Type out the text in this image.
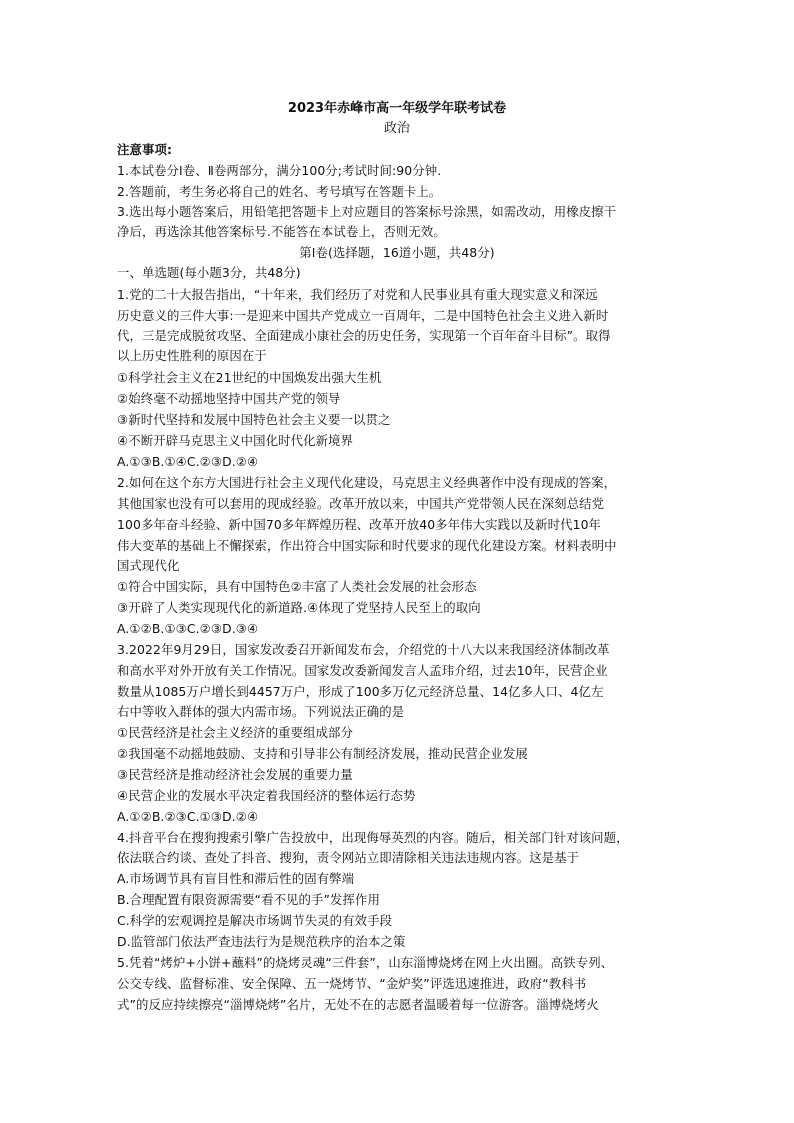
2023年赤峰市高一年级学年联考试卷
政治
注意事项:
1.本试卷分Ⅰ卷、Ⅱ卷两部分，满分100分;考试时间:90分钟.
2.答题前，考生务必将自己的姓名、考号填写在答题卡上。
3.选出每小题答案后，用铅笔把答题卡上对应题目的答案标号涂黑，如需改动，用橡皮擦干
净后，再选涂其他答案标号.不能答在本试卷上，否则无效。
第Ⅰ卷(选择题，16道小题，共48分)
一、单选题(每小题3分，共48分)
1.党的二十大报告指出，“十年来，我们经历了对党和人民事业具有重大现实意义和深远
历史意义的三件大事:一是迎来中国共产党成立一百周年，二是中国特色社会主义进入新时
代，三是完成脱贫攻坚、全面建成小康社会的历史任务，实现第一个百年奋斗目标”。取得
以上历史性胜利的原因在于
①科学社会主义在21世纪的中国焕发出强大生机
②始终毫不动摇地坚持中国共产党的领导
③新时代坚持和发展中国特色社会主义要一以贯之
④不断开辟马克思主义中国化时代化新境界
A.①③B.①④C.②③D.②④
2.如何在这个东方大国进行社会主义现代化建设，马克思主义经典著作中没有现成的答案，
其他国家也没有可以套用的现成经验。改革开放以来，中国共产党带领人民在深刻总结党
100多年奋斗经验、新中国70多年辉煌历程、改革开放40多年伟大实践以及新时代10年
伟大变革的基础上不懈探索，作出符合中国实际和时代要求的现代化建设方案。材料表明中
国式现代化
①符合中国实际，具有中国特色②丰富了人类社会发展的社会形态
③开辟了人类实现现代化的新道路.④体现了党坚持人民至上的取向
A.①②B.①③C.②③D.③④
3.2022年9月29日，国家发改委召开新闻发布会，介绍党的十八大以来我国经济体制改革
和高水平对外开放有关工作情况。国家发改委新闻发言人孟玮介绍，过去10年，民营企业
数量从1085万户增长到4457万户，形成了100多万亿元经济总量、14亿多人口、4亿左
右中等收入群体的强大内需市场。下列说法正确的是
①民营经济是社会主义经济的重要组成部分
②我国毫不动摇地鼓励、支持和引导非公有制经济发展，推动民营企业发展
③民营经济是推动经济社会发展的重要力量
④民营企业的发展水平决定着我国经济的整体运行态势
A.①②B.②③C.①③D.②④
4.抖音平台在搜狗搜索引擎广告投放中，出现侮辱英烈的内容。随后，相关部门针对该问题，
依法联合约谈、查处了抖音、搜狗，责令网站立即清除相关违法违规内容。这是基于
A.市场调节具有盲目性和滞后性的固有弊端
B.合理配置有限资源需要“看不见的手”发挥作用
C.科学的宏观调控是解决市场调节失灵的有效手段
D.监管部门依法严查违法行为是规范秩序的治本之策
5.凭着“烤炉+小饼+蘸料”的烧烤灵魂“三件套”，山东淄博烧烤在网上火出圈。高铁专列、
公交专线、监督标准、安全保障、五一烧烤节、“金炉奖”评选迅速推进，政府“教科书
式”的反应持续擦亮“淄博烧烤”名片，无处不在的志愿者温暖着每一位游客。淄博烧烤火
